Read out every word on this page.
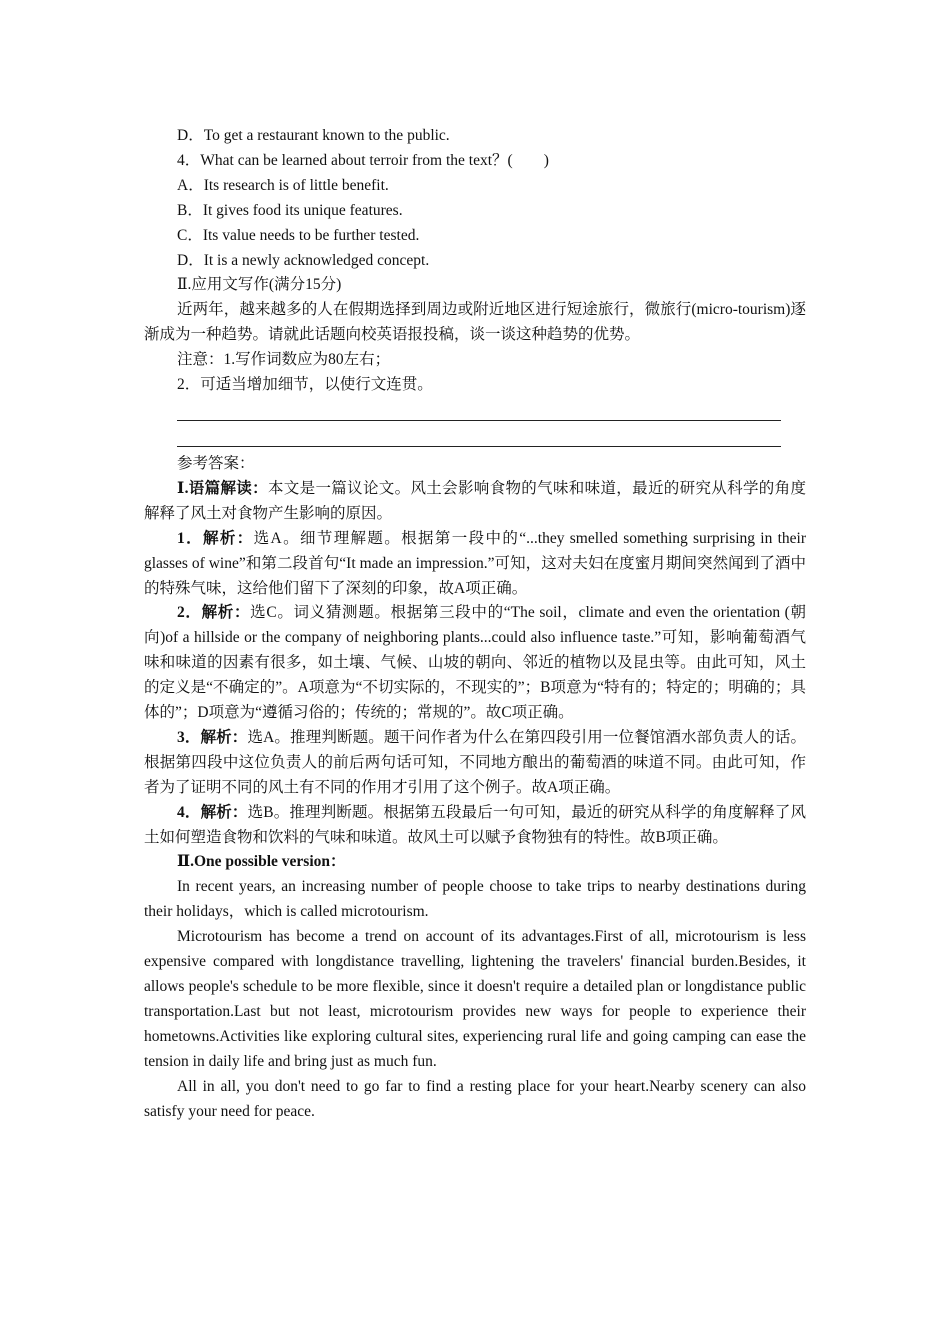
D．To get a restaurant known to the public.
4．What can be learned about terroir from the text？(　　)
A．Its research is of little benefit.
B．It gives food its unique features.
C．Its value needs to be further tested.
D．It is a newly acknowledged concept.
Ⅱ.应用文写作(满分15分)
近两年，越来越多的人在假期选择到周边或附近地区进行短途旅行，微旅行(micro-tourism)逐渐成为一种趋势。请就此话题向校英语报投稿，谈一谈这种趋势的优势。
注意：1.写作词数应为80左右；
2．可适当增加细节，以使行文连贯。
参考答案：
Ⅰ.语篇解读：本文是一篇议论文。风土会影响食物的气味和味道，最近的研究从科学的角度解释了风土对食物产生影响的原因。
1．解析：选A。细节理解题。根据第一段中的“...they smelled something surprising in their glasses of wine”和第二段首句“It made an impression.”可知，这对夫妇在度蜜月期间突然闻到了酒中的特殊气味，这给他们留下了深刻的印象，故A项正确。
2．解析：选C。词义猜测题。根据第三段中的“The soil，climate and even the orientation (朝向)of a hillside or the company of neighboring plants...could also influence taste.”可知，影响葡萄酒气味和味道的因素有很多，如土壤、气候、山坡的朝向、邻近的植物以及昆虫等。由此可知，风土的定义是“不确定的”。A项意为“不切实际的，不现实的”；B项意为“特有的；特定的；明确的；具体的”；D项意为“遵循习俗的；传统的；常规的”。故C项正确。
3．解析：选A。推理判断题。题干问作者为什么在第四段引用一位餐馆酒水部负责人的话。根据第四段中这位负责人的前后两句话可知，不同地方酿出的葡萄酒的味道不同。由此可知，作者为了证明不同的风土有不同的作用才引用了这个例子。故A项正确。
4．解析：选B。推理判断题。根据第五段最后一句可知，最近的研究从科学的角度解释了风土如何塑造食物和饮料的气味和味道。故风土可以赋予食物独有的特性。故B项正确。
Ⅱ.One possible version：
In recent years, an increasing number of people choose to take trips to nearby destinations during their holidays，which is called microtourism.
Microtourism has become a trend on account of its advantages.First of all, microtourism is less expensive compared with longdistance travelling, lightening the travelers' financial burden.Besides, it allows people's schedule to be more flexible, since it doesn't require a detailed plan or longdistance public transportation.Last but not least, microtourism provides new ways for people to experience their hometowns.Activities like exploring cultural sites, experiencing rural life and going camping can ease the tension in daily life and bring just as much fun.
All in all, you don't need to go far to find a resting place for your heart.Nearby scenery can also satisfy your need for peace.
